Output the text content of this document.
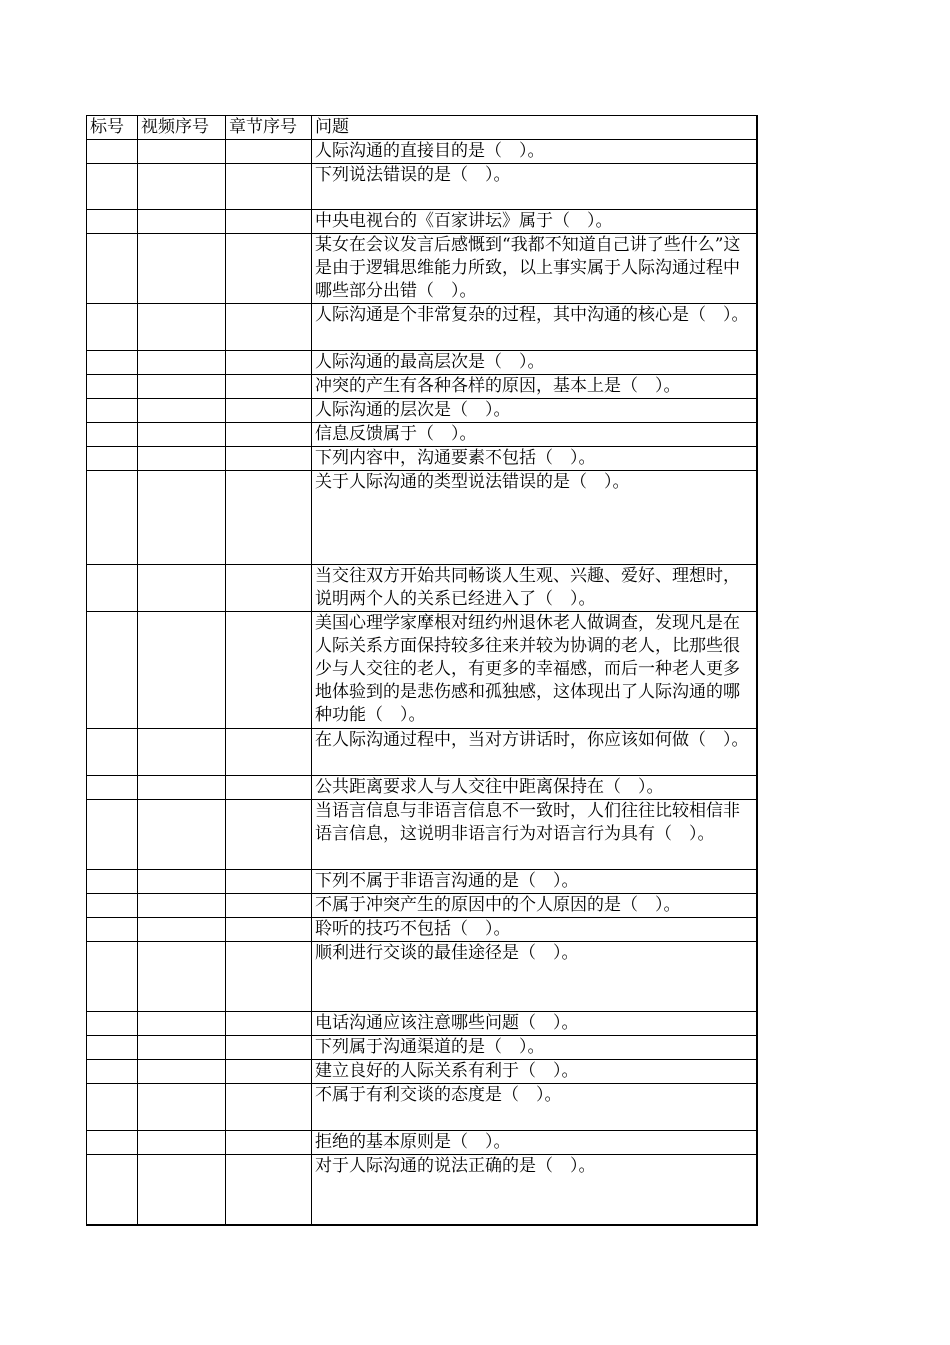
标号	视频序号	章节序号	问题
			人际沟通的直接目的是（　）。
			下列说法错误的是（　）。
			中央电视台的《百家讲坛》属于（　）。
			某女在会议发言后感慨到“我都不知道自己讲了些什么”这是由于逻辑思维能力所致，以上事实属于人际沟通过程中哪些部分出错（　）。
			人际沟通是个非常复杂的过程，其中沟通的核心是（　）。
			人际沟通的最高层次是（　）。
			冲突的产生有各种各样的原因，基本上是（　）。
			人际沟通的层次是（　）。
			信息反馈属于（　）。
			下列内容中，沟通要素不包括（　）。
			关于人际沟通的类型说法错误的是（　）。
			当交往双方开始共同畅谈人生观、兴趣、爱好、理想时，说明两个人的关系已经进入了（　）。
			美国心理学家摩根对纽约州退休老人做调查，发现凡是在人际关系方面保持较多往来并较为协调的老人，比那些很少与人交往的老人，有更多的幸福感，而后一种老人更多地体验到的是悲伤感和孤独感，这体现出了人际沟通的哪种功能（　）。
			在人际沟通过程中，当对方讲话时，你应该如何做（　）。
			公共距离要求人与人交往中距离保持在（　）。
			当语言信息与非语言信息不一致时，人们往往比较相信非语言信息，这说明非语言行为对语言行为具有（　）。
			下列不属于非语言沟通的是（　）。
			不属于冲突产生的原因中的个人原因的是（　）。
			聆听的技巧不包括（　）。
			顺利进行交谈的最佳途径是（　）。
			电话沟通应该注意哪些问题（　）。
			下列属于沟通渠道的是（　）。
			建立良好的人际关系有利于（　）。
			不属于有利交谈的态度是（　）。
			拒绝的基本原则是（　）。
			对于人际沟通的说法正确的是（　）。
